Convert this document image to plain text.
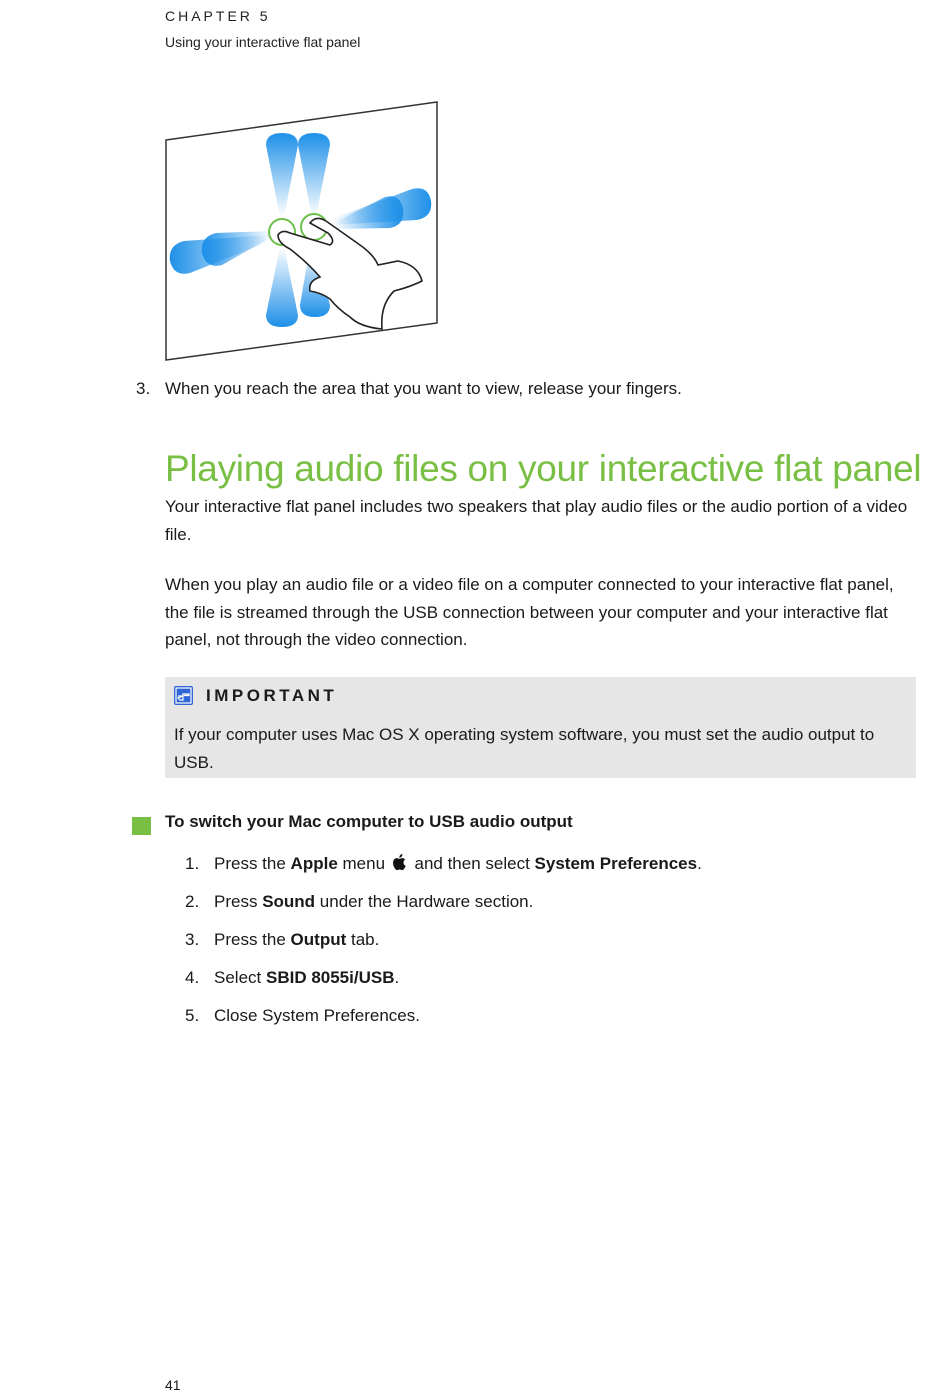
CHAPTER 5
Using your interactive flat panel
3. When you reach the area that you want to view, release your fingers.
Playing audio files on your interactive flat panel
Your interactive flat panel includes two speakers that play audio files or the audio portion of a video file.
When you play an audio file or a video file on a computer connected to your interactive flat panel, the file is streamed through the USB connection between your computer and your interactive flat panel, not through the video connection.
IMPORTANT
If your computer uses Mac OS X operating system software, you must set the audio output to USB.
To switch your Mac computer to USB audio output
1. Press the Apple menu  and then select System Preferences.
2. Press Sound under the Hardware section.
3. Press the Output tab.
4. Select SBID 8055i/USB.
5. Close System Preferences.
41
